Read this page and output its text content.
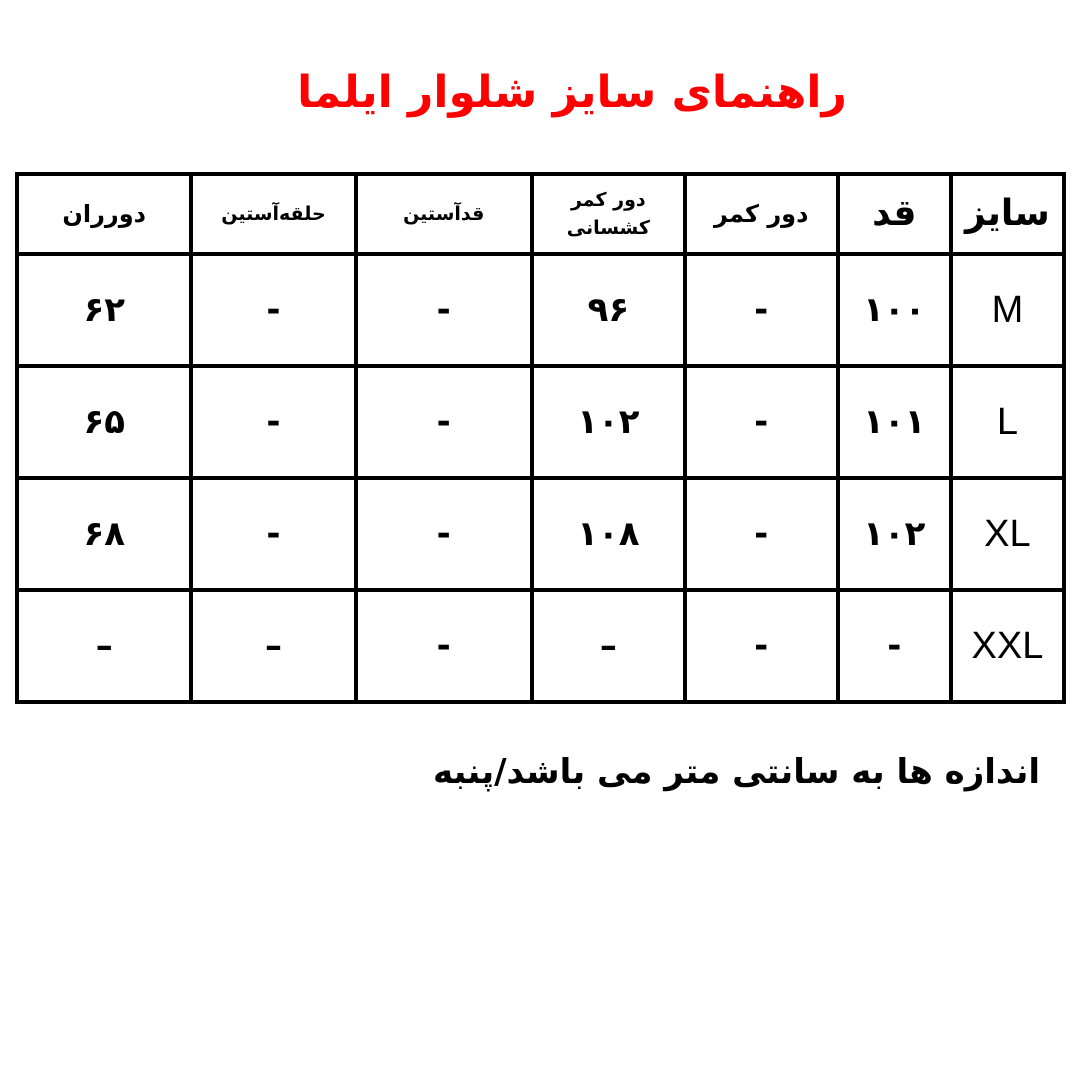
راهنمای سایز شلوار ایلما
سایز	قد	دور کمر	دور کمر کشسانی	قدآستین	حلقه‌آستین	دورران
M	۱۰۰	-	۹۶	-	-	۶۲
L	۱۰۱	-	۱۰۲	-	-	۶۵
XL	۱۰۲	-	۱۰۸	-	-	۶۸
XXL	-	-	–	-	–	–
اندازه ها به سانتی متر می باشد/پنبه
